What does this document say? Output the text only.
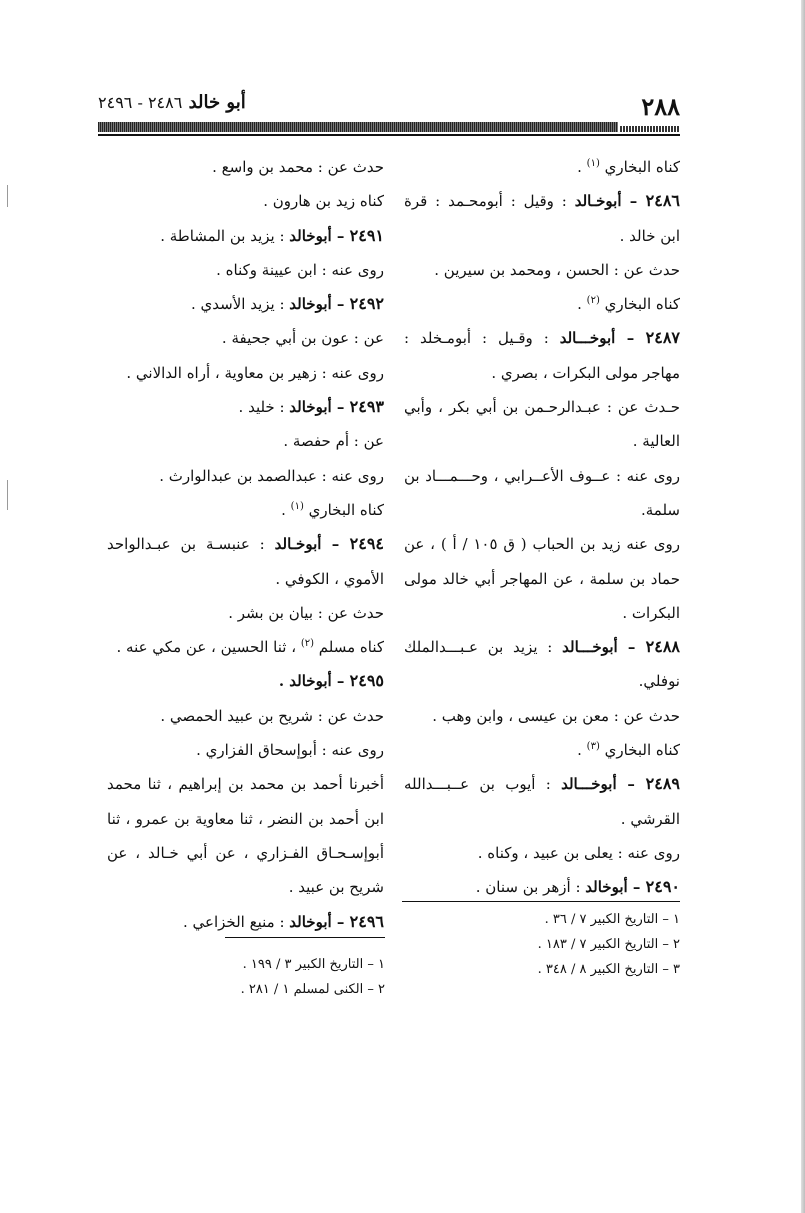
٢٨٨
أبو خالد ٢٤٨٦ - ٢٤٩٦
كناه البخاري $^{(١)}$ .
٢٤٨٦ – أبوخـالد : وقيل : أبومحـمد : قرة
ابن خالد .
حدث عن : الحسن ، ومحمد بن سيرين .
كناه البخاري $^{(٢)}$ .
٢٤٨٧ – أبوخـــالد : وقـيل : أبومـخلد :
مهاجر مولى البكرات ، بصري .
حـدث عن : عبـدالرحـمن بن أبي بكر ، وأبي
العالية .
روى عنه : عــوف الأعــرابي ، وحـــمـــاد بن
سلمة.
روى عنه زيد بن الحباب ( ق ١٠٥ / أ ) ، عن
حماد بن سلمة ، عن المهاجر أبي خالد مولى
البكرات .
٢٤٨٨ – أبوخـــالد : يزيد بن عـبـــدالملك
نوفلي.
حدث عن : معن بن عيسى ، وابن وهب .
كناه البخاري $^{(٣)}$ .
٢٤٨٩ – أبوخـــالد : أيوب بن عــبـــدالله
القرشي .
روى عنه : يعلى بن عبيد ، وكناه .
٢٤٩٠ – أبوخالد : أزهر بن سنان .
حدث عن : محمد بن واسع .
كناه زيد بن هارون .
٢٤٩١ – أبوخالد : يزيد بن المشاطة .
روى عنه : ابن عيينة وكناه .
٢٤٩٢ – أبوخالد : يزيد الأسدي .
عن : عون بن أبي جحيفة .
روى عنه : زهير بن معاوية ، أراه الدالاني .
٢٤٩٣ – أبوخالد : خليد .
عن : أم حفصة .
روى عنه : عبدالصمد بن عبدالوارث .
كناه البخاري $^{(١)}$ .
٢٤٩٤ – أبوخـالد : عنبسـة بن عبـدالواحد
الأموي ، الكوفي .
حدث عن : بيان بن بشر .
كناه مسلم $^{(٢)}$ ، ثنا الحسين ، عن مكي عنه .
٢٤٩٥ – أبوخالد .
حدث عن : شريح بن عبيد الحمصي .
روى عنه : أبوإسحاق الفزاري .
أخبرنا أحمد بن محمد بن إبراهيم ، ثنا محمد
ابن أحمد بن النضر ، ثنا معاوية بن عمرو ، ثنا
أبوإسـحـاق الفـزاري ، عن أبي خـالد ، عن
شريح بن عبيد .
٢٤٩٦ – أبوخالد : منيع الخزاعي .	١ – التاريخ الكبير ٧ / ٣٦ .
٢ – التاريخ الكبير ٧ / ١٨٣ .
٣ – التاريخ الكبير ٨ / ٣٤٨ .
١ – التاريخ الكبير ٣ / ١٩٩ .
٢ – الكنى لمسلم ١ / ٢٨١ .
